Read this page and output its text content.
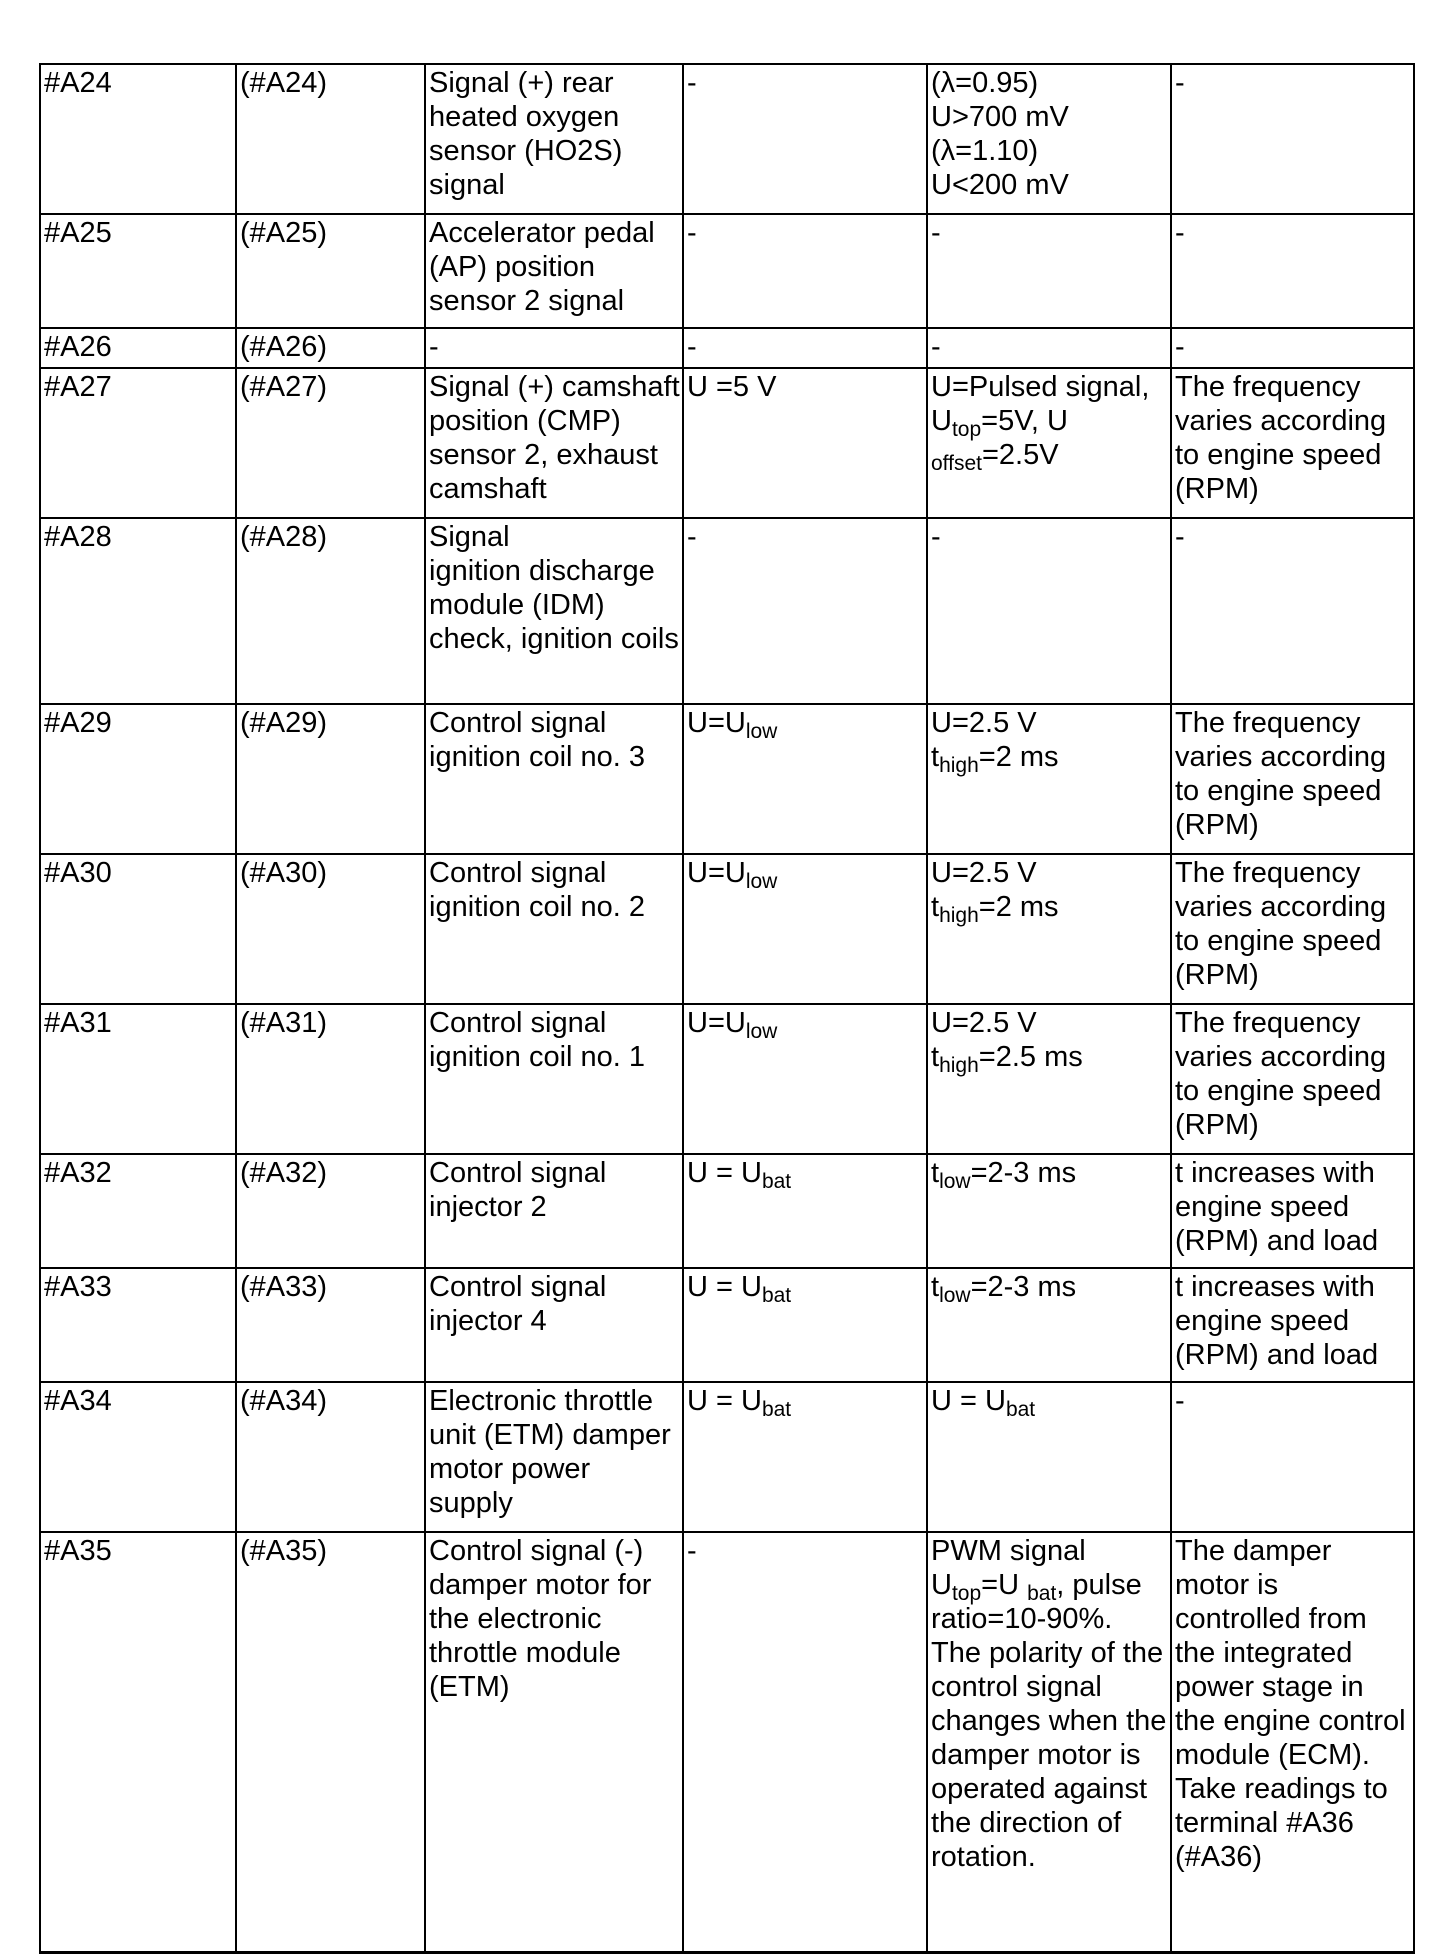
#A24	(#A24)	Signal (+) rear heated oxygen sensor (HO2S) signal	-	(λ=0.95)
U>700 mV
(λ=1.10)
U<200 mV	-
#A25	(#A25)	Accelerator pedal (AP) position sensor 2 signal	-	-	-
#A26	(#A26)	-	-	-	-
#A27	(#A27)	Signal (+) camshaft position (CMP) sensor 2, exhaust camshaft	U =5 V	U=Pulsed signal, $U_{top}=5V$, U $_{offset}$=2.5V	The frequency varies according to engine speed (RPM)
#A28	(#A28)	Signal
ignition discharge module (IDM) check, ignition coils	-	-	-
#A29	(#A29)	Control signal ignition coil no. 3	$U=U_{low}$	U=2.5 V
$t_{high}=2$ ms	The frequency varies according to engine speed (RPM)
#A30	(#A30)	Control signal ignition coil no. 2	$U=U_{low}$	U=2.5 V
$t_{high}=2$ ms	The frequency varies according to engine speed (RPM)
#A31	(#A31)	Control signal ignition coil no. 1	$U=U_{low}$	U=2.5 V
$t_{high}=2.5$ ms	The frequency varies according to engine speed (RPM)
#A32	(#A32)	Control signal injector 2	$U = U_{bat}$	$t_{low}=2-3$ ms	t increases with engine speed (RPM) and load
#A33	(#A33)	Control signal injector 4	$U = U_{bat}$	$t_{low}=2-3$ ms	t increases with engine speed (RPM) and load
#A34	(#A34)	Electronic throttle unit (ETM) damper motor power supply	$U = U_{bat}$	$U = U_{bat}$	-
#A35	(#A35)	Control signal (-) damper motor for the electronic throttle module (ETM)	-	PWM signal $U_{top}=U$ $_{bat}$, pulse ratio=10-90%. The polarity of the control signal changes when the damper motor is operated against the direction of rotation.	The damper motor is controlled from the integrated power stage in the engine control module (ECM). Take readings to terminal #A36 (#A36)
